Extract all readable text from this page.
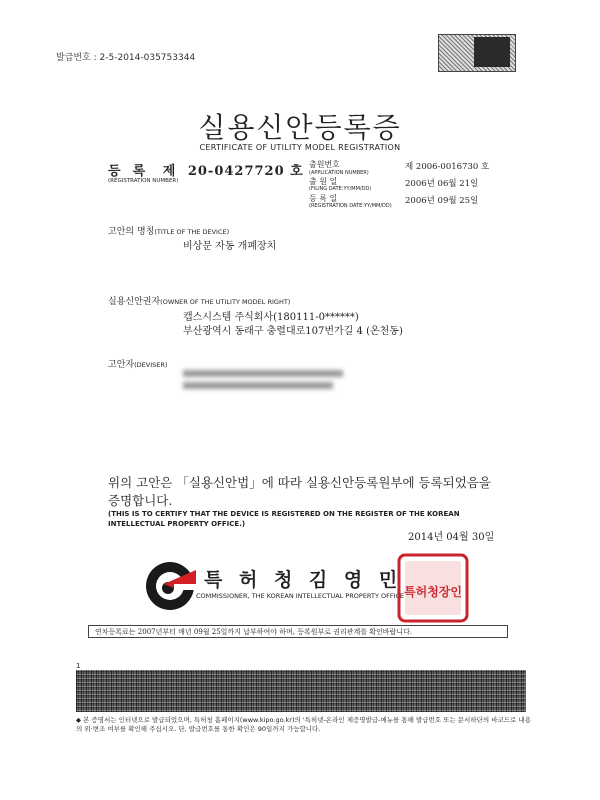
발급번호 : 2-5-2014-035753344
실용신안등록증
CERTIFICATE OF UTILITY MODEL REGISTRATION
등  록   제 20-0427720 호
(REGISTRATION NUMBER)
출원번호
(APPLICATION NUMBER)
제 2006-0016730 호
출 원 일
(FILING DATE:YY/MM/DD)	2006년 06월 21일
등 록 일
(REGISTRATION DATE:YY/MM/DD) 2006년 09월 25일
고안의 명칭(TITLE OF THE DEVICE)
비상문 자동 개폐장치
실용신안권자(OWNER OF THE UTILITY MODEL RIGHT)
캡스시스템 주식회사(180111-0******)
부산광역시 동래구 충렬대로107번가길 4 (온천동)
고안자(DEVISER)
위의 고안은 「실용신안법」에 따라 실용신안등록원부에 등록되었음을 증명합니다.
(THIS IS TO CERTIFY THAT THE DEVICE IS REGISTERED ON THE REGISTER OF THE KOREAN INTELLECTUAL PROPERTY OFFICE.)
2014년 04월 30일
특 허 청 김 영 민
COMMISSIONER, THE KOREAN INTELLECTUAL PROPERTY OFFICE 특허청장인
연차등록료는 2007년부터 매년 09월 25일까지 납부하여야 하며, 등록원부로 권리관계를 확인바랍니다.
1
◆ 본 증명서는 인터넷으로 발급되었으며, 특허청 홈페이지(www.kipo.go.kr)의 '특허넷-온라인 제증명발급-메뉴를 통해 발급번호 또는 문서하단의 바코드로 내용의 위·변조 여부를 확인해 주십시오. 단, 발급번호를 통한 확인은 90일까지 가능합니다.
